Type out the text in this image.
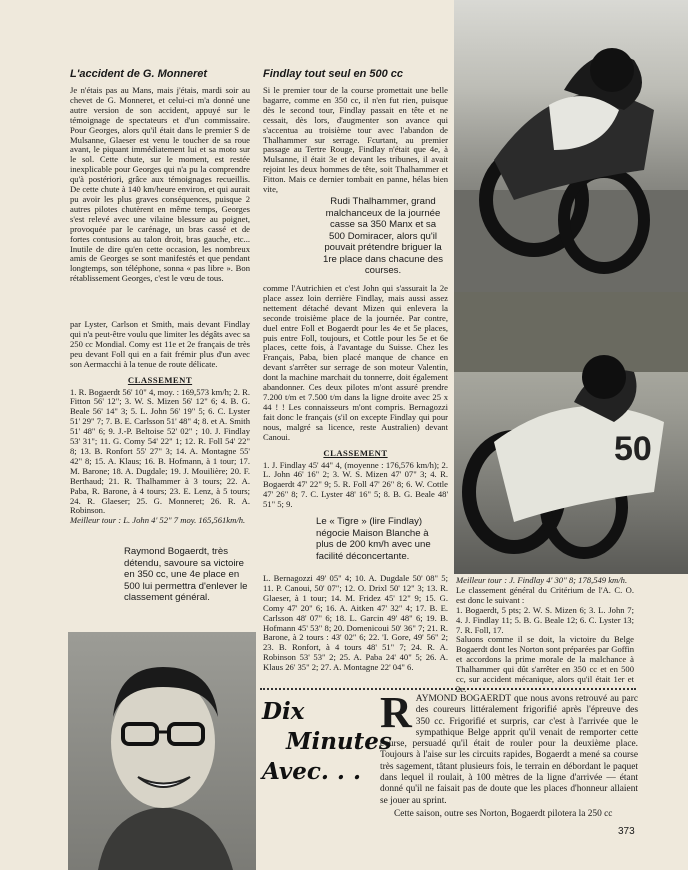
50
L'accident de G. Monneret

Je n'étais pas au Mans, mais j'étais, mardi soir au chevet de G. Monneret, et celui-ci m'a donné une autre version de son accident, appuyé sur le témoignage de spectateurs et d'un commissaire. Pour Georges, alors qu'il était dans le premier S de Mulsanne, Glaeser est venu le toucher de sa roue avant, le piquant immédiatement lui et sa moto sur le sol. Cette chute, sur le moment, est restée inexplicable pour Georges qui n'a pu la comprendre qu'à postériori, grâce aux témoignages recueillis. De cette chute à 140 km/heure environ, et qui aurait pu avoir les plus graves conséquences, puisque 2 autres pilotes chutèrent en même temps, Georges s'est relevé avec une vilaine blessure au poignet, provoquée par le carénage, un bras cassé et de fortes contusions au talon droit, bras gauche, etc... Inutile de dire qu'en cette occasion, les nombreux amis de Georges se sont manifestés et que pendant longtemps, son téléphone, sonna « pas libre ». Bon rétablissement Georges, c'est le vœu de tous.

Findlay tout seul en 500 cc

Si le premier tour de la course promettait une belle bagarre, comme en 350 cc, il n'en fut rien, puisque dès le second tour, Findlay passait en tête et ne cessait, dès lors, d'augmenter son avance qui s'accentua au troisième tour avec l'abandon de Thalhammer sur serrage. Fcurtant, au premier passage au Tertre Rouge, Findlay n'était que 4e, à Mulsanne, il était 3e et devant les tribunes, il avait rejoint les deux hommes de tête, soit Thalhammer et Fitton. Mais ce dernier tombait en panne, hélas bien vite,

Rudi Thalhammer, grand malchanceux de la journée casse sa 350 Manx et sa 500 Domiracer, alors qu'il pouvait prétendre briguer la 1re place dans chacune des courses.

par Lyster, Carlson et Smith, mais devant Findlay qui n'a peut-être voulu que limiter les dégâts avec sa 250 cc Mondial. Comy est 11e et 2e français de très peu devant Foll qui en a fait frémir plus d'un avec son Aermacchi à la tenue de route délicate.

CLASSEMENT

1. R. Bogaerdt 56' 10" 4, moy. : 169,573 km/h; 2. R. Fitton 56' 12"; 3. W. S. Mizen 56' 12" 6; 4. B. G. Beale 56' 14" 3; 5. L. John 56' 19" 5; 6. C. Lyster 51' 29" 7; 7. B. E. Carlsson 51' 48" 4; 8. et A. Smith 51' 48" 6; 9. J.-P. Beltoise 52' 02" ; 10. J. Findlay 53' 31"; 11. G. Comy 54' 22" 1; 12. R. Foll 54' 22" 8; 13. B. Ronfort 55' 27" 3; 14. A. Montagne 55' 42" 8; 15. A. Klaus; 16. B. Hofmann, à 1 tour; 17. M. Barone; 18. A. Dugdale; 19. J. Mouilière; 20. F. Berthaud; 21. R. Thalhammer à 3 tours; 22. A. Paba, R. Barone, à 4 tours; 23. E. Lenz, à 5 tours; 24. R. Glaeser; 25. G. Monneret; 26. R. A. Robinson.

Meilleur tour : L. John 4' 52" 7 moy. 165,561km/h.

comme l'Autrichien et c'est John qui s'assurait la 2e place assez loin derrière Findlay, mais aussi assez nettement détaché devant Mizen qui enlevera la seconde troisième place de la journée. Par contre, duel entre Foll et Bogaerdt pour les 4e et 5e places, puis entre Foll, toujours, et Cottle pour les 5e et 6e places, cette fois, à l'avantage du Suisse. Chez les Français, Paba, bien placé manque de chance en devant s'arrêter sur serrage de son moteur Valentin, dont la machine marchait du tonnerre, doit également abandonner. Ces deux pilotes m'ont assuré prendre 7.200 t/m et 7.500 t/m dans la ligne droite avec 25 x 44 ! ! Les connaisseurs m'ont compris. Bernagozzi fait donc le français (s'il on excepte Findlay qui pour nous, malgré sa licence, reste Australien) devant Canoui.

CLASSEMENT

1. J. Findlay 45' 44" 4, (moyenne : 176,576 km/h); 2. L. John 46' 16" 2; 3. W. S. Mizen 47' 07" 3; 4. R. Bogaerdt 47' 22" 9; 5. R. Foll 47' 26" 8; 6. W. Cottle 47' 26" 8; 7. C. Lyster 48' 16" 5; 8. B. G. Beale 48' 51" 5; 9.

Le « Tigre » (lire Findlay) négocie Maison Blanche à plus de 200 km/h avec une facilité déconcertante.
Raymond Bogaerdt, très détendu, savoure sa victoire en 350 cc, une 4e place en 500 lui permettra d'enlever le classement général.

L. Bernagozzi 49' 05" 4; 10. A. Dugdale 50' 08" 5; 11. P. Canoui, 50' 07"; 12. O. Drixl 50' 12" 3; 13. R. Glaeser, à 1 tour; 14. M. Fridez 45' 12" 9; 15. G. Comy 47' 20" 6; 16. A. Aitken 47' 32" 4; 17. B. E. Carlsson 48' 07" 6; 18. L. Garcin 49' 48" 6; 19. B. Hofmann 45' 53" 8; 20. Domenicoui 50' 36" 7; 21. R. Barone, à 2 tours : 43' 02" 6; 22. 'I. Gore, 49' 56" 2; 23. B. Ronfort, à 4 tours 48' 51" 7; 24. R. A. Robinson 53' 53" 2; 25. A. Paba 24' 40" 5; 26. A. Klaus 26' 35" 2; 27. A. Montagne 22' 04" 6.

Meilleur tour : J. Findlay 4' 30" 8; 178,549 km/h.

Le classement général du Critérium de l'A. C. O. est donc le suivant :

1. Bogaerdt, 5 pts; 2. W. S. Mizen 6; 3. L. John 7; 4. J. Findlay 11; 5. B. G. Beale 12; 6. C. Lyster 13; 7. R. Foll, 17.

Saluons comme il se doit, la victoire du Belge Bogaerdt dont les Norton sont préparées par Goffin et accordons la prime morale de la malchance à Thalhammer qui dût s'arrêter en 350 cc et en 500 cc, sur accident mécanique, alors qu'il était 1er et 2e.

Dix
Minutes
Avec. . .

RAYMOND BOGAERDT que nous avons retrouvé au parc des coureurs littéralement frigorifié après l'épreuve des 350 cc. Frigorifié et surpris, car c'est à l'arrivée que le sympathique Belge apprit qu'il venait de remporter cette course, persuadé qu'il était de rouler pour la deuxième place. Toujours à l'aise sur les circuits rapides, Bogaerdt a mené sa course très sagement, tâtant plusieurs fois, le terrain en débordant le paquet dans lequel il roulait, à 100 mètres de la ligne d'arrivée — étant donné qu'il ne faisait pas de doute que les places d'honneur allaient se jouer au sprint.

Cette saison, outre ses Norton, Bogaerdt pilotera la 250 cc

373
